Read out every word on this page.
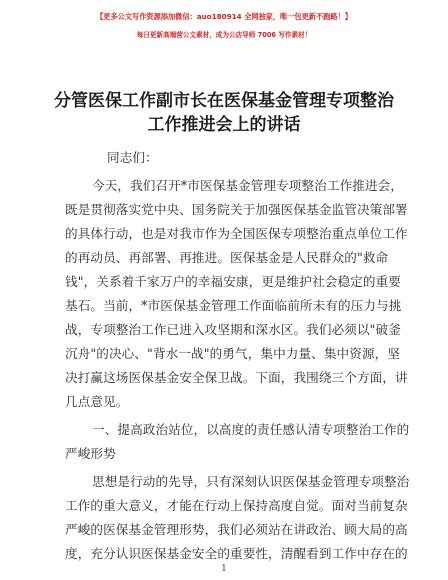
【更多公文写作资源添加微信：auo180914 全网独家，唯一包更新不跑路！】
每日更新高端营公文素材，成为公店导师 7006 写作素材！
分管医保工作副市长在医保基金管理专项整治
工作推进会上的讲话
同志们：
今天，我们召开*市医保基金管理专项整治工作推进会，
既是贯彻落实党中央、国务院关于加强医保基金监管决策部署
的具体行动，也是对我市作为全国医保专项整治重点单位工作
的再动员、再部署、再推进。医保基金是人民群众的"救命
钱"，关系着千家万户的幸福安康，更是维护社会稳定的重要
基石。当前，*市医保基金管理工作面临前所未有的压力与挑
战，专项整治工作已进入攻坚期和深水区。我们必须以"破釜
沉舟"的决心、"背水一战"的勇气，集中力量、集中资源，坚
决打赢这场医保基金安全保卫战。下面，我围绕三个方面，讲
几点意见。
一、提高政治站位，以高度的责任感认清专项整治工作的
严峻形势
思想是行动的先导，只有深刻认识医保基金管理专项整治
工作的重大意义，才能在行动上保持高度自觉。面对当前复杂
严峻的医保基金管理形势，我们必须站在讲政治、顾大局的高
度，充分认识医保基金安全的重要性，清醒看到工作中存在的
1
